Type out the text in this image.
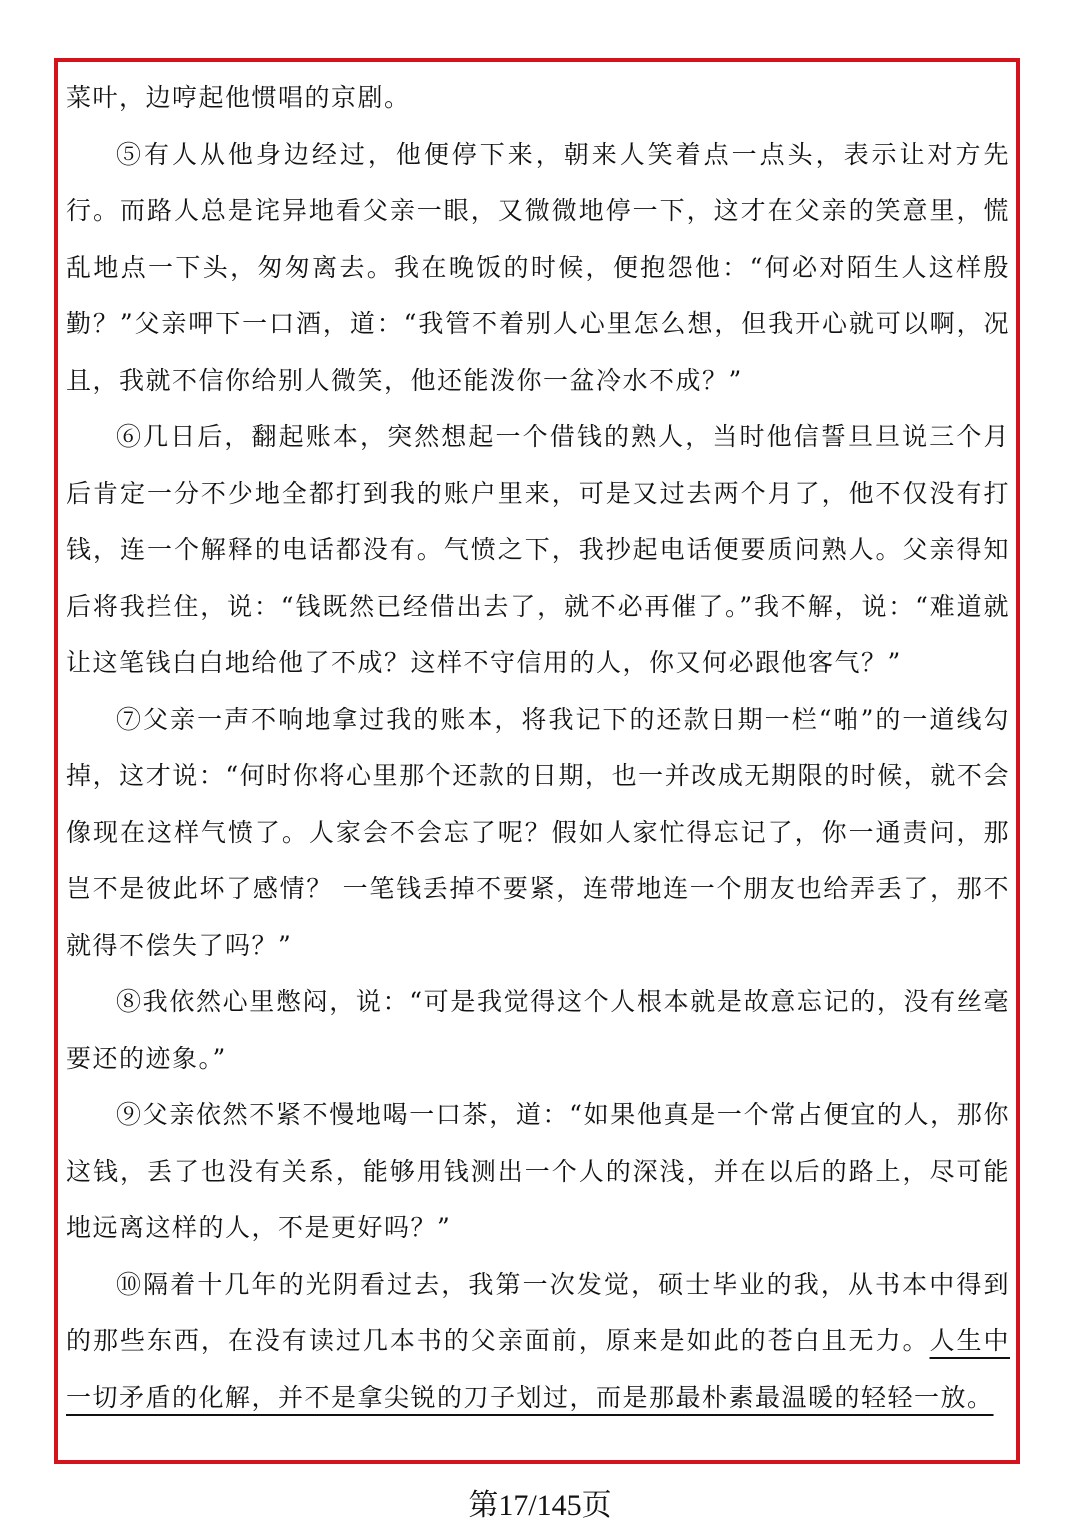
菜叶，边哼起他惯唱的京剧。

⑤有人从他身边经过，他便停下来，朝来人笑着点一点头，表示让对方先行。而路人总是诧异地看父亲一眼，又微微地停一下，这才在父亲的笑意里，慌乱地点一下头，匆匆离去。我在晚饭的时候，便抱怨他：“何必对陌生人这样殷勤？”父亲呷下一口酒，道：“我管不着别人心里怎么想，但我开心就可以啊，况且，我就不信你给别人微笑，他还能泼你一盆冷水不成？”

⑥几日后，翻起账本，突然想起一个借钱的熟人，当时他信誓旦旦说三个月后肯定一分不少地全都打到我的账户里来，可是又过去两个月了，他不仅没有打钱，连一个解释的电话都没有。气愤之下，我抄起电话便要质问熟人。父亲得知后将我拦住，说：“钱既然已经借出去了，就不必再催了。”我不解，说：“难道就让这笔钱白白地给他了不成？这样不守信用的人，你又何必跟他客气？”

⑦父亲一声不响地拿过我的账本，将我记下的还款日期一栏“啪”的一道线勾掉，这才说：“何时你将心里那个还款的日期，也一并改成无期限的时候，就不会像现在这样气愤了。人家会不会忘了呢？假如人家忙得忘记了，你一通责问，那岂不是彼此坏了感情？ 一笔钱丢掉不要紧，连带地连一个朋友也给弄丢了，那不就得不偿失了吗？”

⑧我依然心里憋闷，说：“可是我觉得这个人根本就是故意忘记的，没有丝毫要还的迹象。”

⑨父亲依然不紧不慢地喝一口茶，道：“如果他真是一个常占便宜的人，那你这钱，丢了也没有关系，能够用钱测出一个人的深浅，并在以后的路上，尽可能地远离这样的人，不是更好吗？”

⑩隔着十几年的光阴看过去，我第一次发觉，硕士毕业的我，从书本中得到的那些东西，在没有读过几本书的父亲面前，原来是如此的苍白且无力。人生中一切矛盾的化解，并不是拿尖锐的刀子划过，而是那最朴素最温暖的轻轻一放。

第17/145页
